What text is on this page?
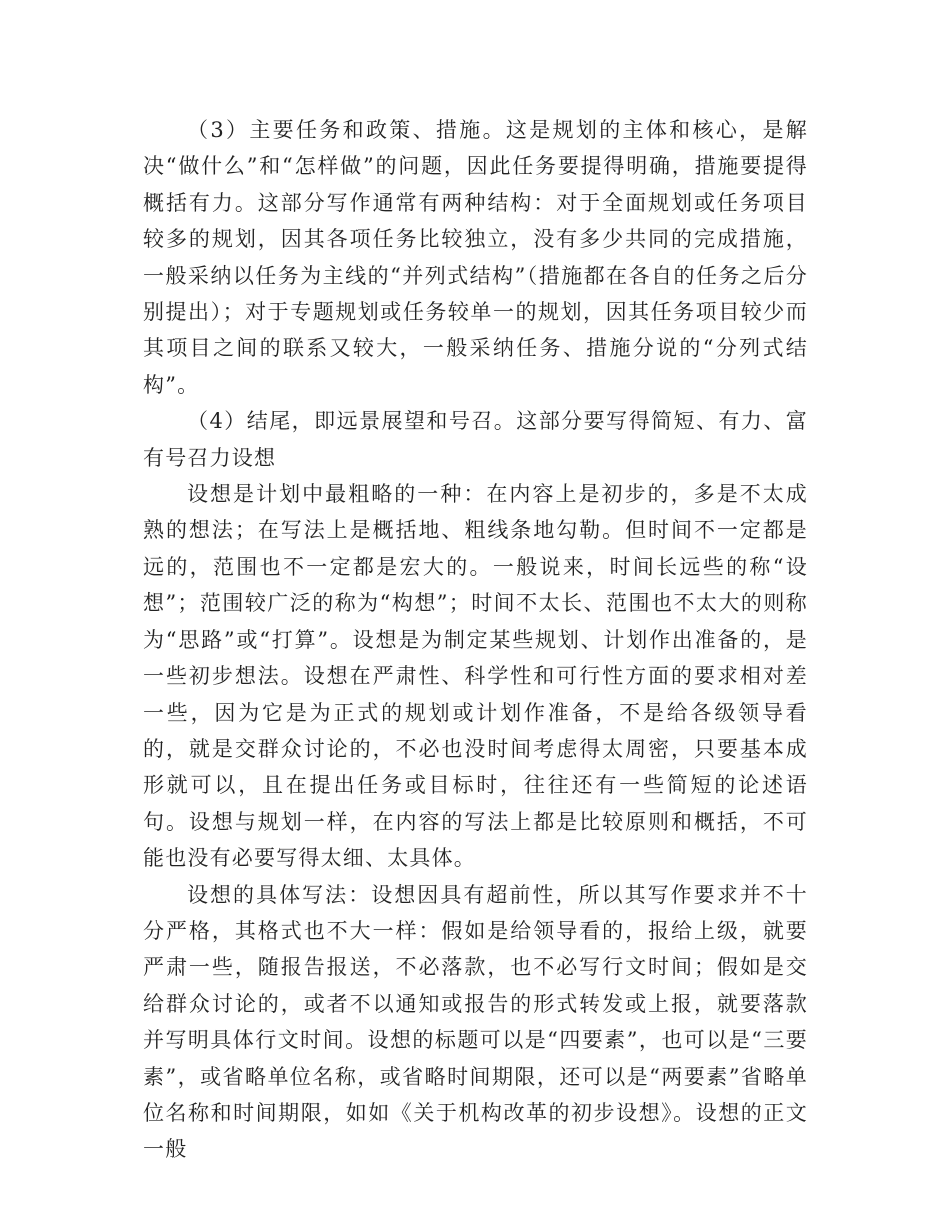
（3）主要任务和政策、措施。这是规划的主体和核心，是解决“做什么”和“怎样做”的问题，因此任务要提得明确，措施要提得概括有力。这部分写作通常有两种结构：对于全面规划或任务项目较多的规划，因其各项任务比较独立，没有多少共同的完成措施，一般采纳以任务为主线的“并列式结构”（措施都在各自的任务之后分别提出）；对于专题规划或任务较单一的规划，因其任务项目较少而其项目之间的联系又较大，一般采纳任务、措施分说的“分列式结构”。

（4）结尾，即远景展望和号召。这部分要写得简短、有力、富有号召力设想

设想是计划中最粗略的一种：在内容上是初步的，多是不太成熟的想法；在写法上是概括地、粗线条地勾勒。但时间不一定都是远的，范围也不一定都是宏大的。一般说来，时间长远些的称“设想”；范围较广泛的称为“构想”；时间不太长、范围也不太大的则称为“思路”或“打算”。设想是为制定某些规划、计划作出准备的，是一些初步想法。设想在严肃性、科学性和可行性方面的要求相对差一些，因为它是为正式的规划或计划作准备，不是给各级领导看的，就是交群众讨论的，不必也没时间考虑得太周密，只要基本成形就可以，且在提出任务或目标时，往往还有一些简短的论述语句。设想与规划一样，在内容的写法上都是比较原则和概括，不可能也没有必要写得太细、太具体。

设想的具体写法：设想因具有超前性，所以其写作要求并不十分严格，其格式也不大一样：假如是给领导看的，报给上级，就要严肃一些，随报告报送，不必落款，也不必写行文时间；假如是交给群众讨论的，或者不以通知或报告的形式转发或上报，就要落款并写明具体行文时间。设想的标题可以是“四要素”，也可以是“三要素”，或省略单位名称，或省略时间期限，还可以是“两要素”省略单位名称和时间期限，如如《关于机构改革的初步设想》。设想的正文一般
